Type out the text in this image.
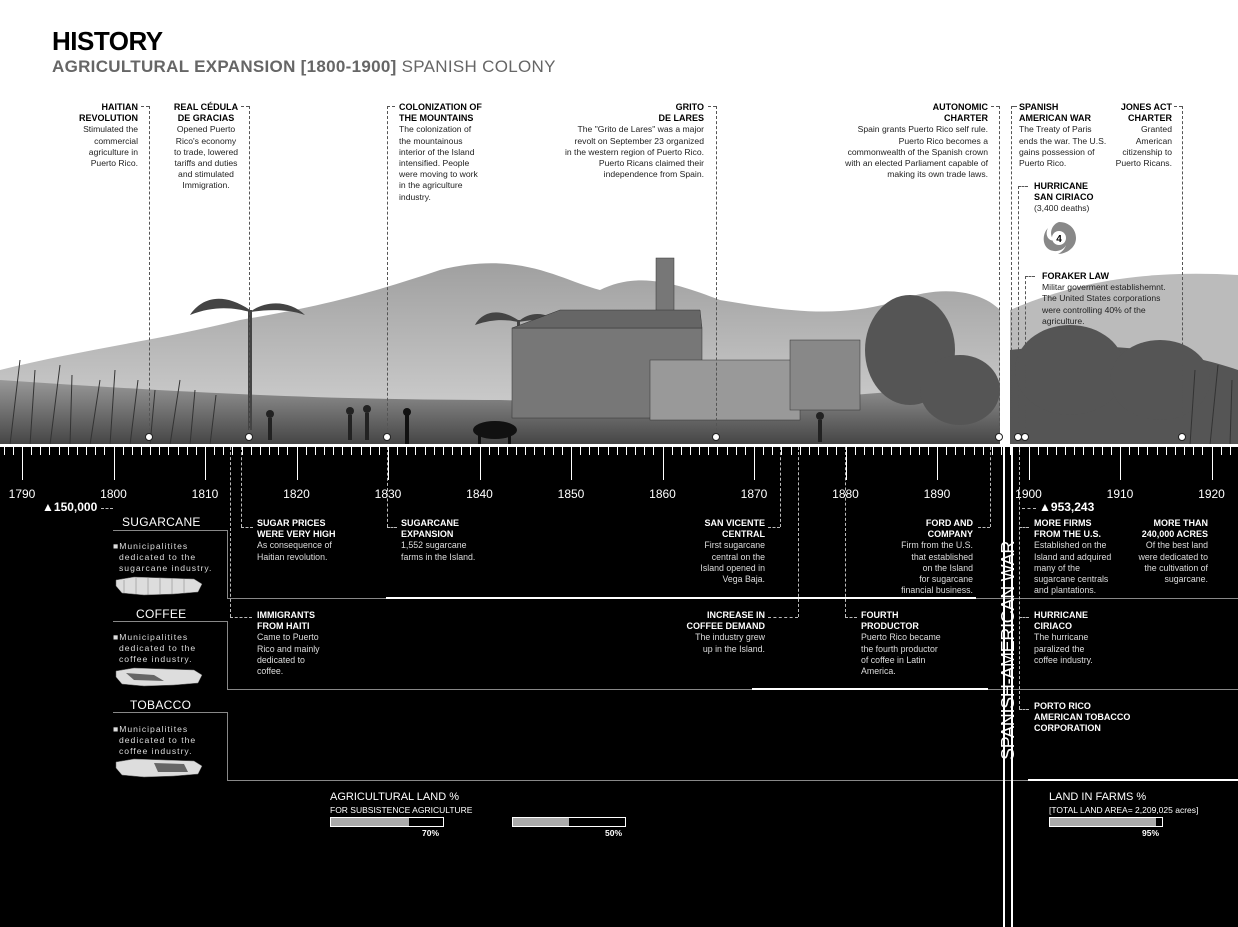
HISTORY
AGRICULTURAL EXPANSION [1800-1900] SPANISH COLONY
HAITIAN
REVOLUTION
Stimulated the
commercial
agriculture in
Puerto Rico.
REAL CÉDULA
DE GRACIAS
Opened Puerto
Rico's economy
to trade, lowered
tariffs and duties
and stimulated
Immigration.
COLONIZATION OF
THE MOUNTAINS
The colonization of
the mountainous
interior of the Island
intensified. People
were moving to work
in the agriculture
industry.
GRITO
DE LARES
The "Grito de Lares" was a major
revolt on September 23 organized
in the western region of Puerto Rico.
Puerto Ricans claimed their
independence from Spain.
AUTONOMIC
CHARTER
Spain grants Puerto Rico self rule.
Puerto Rico becomes a
commonwealth of the Spanish crown
with an elected Parliament capable of
making its own trade laws.
SPANISH
AMERICAN WAR
The Treaty of Paris
ends the war. The U.S.
gains possession of
Puerto Rico.
JONES ACT
CHARTER
Granted
American
citizenship to
Puerto Ricans.
HURRICANE
SAN CIRIACO
(3,400 deaths)
4
FORAKER LAW
Militar goverment establishemnt.
The United States corporations
were controlling 40% of the
agriculture.
1790	1800	1810	1820	1830	1840	1850	1860	1870	1880	1890	1900	1910	1920
▲150,000	▲953,243
SUGARCANE
■Municipalitites
dedicated to the
sugarcane industry.
COFFEE
■Municipalitites
dedicated to the
coffee industry.
TOBACCO
■Municipalitites
dedicated to the
coffee industry.
SUGAR PRICES
WERE VERY HIGH
As consequence of
Haitian revolution.
SUGARCANE
EXPANSION
1,552 sugarcane
farms in the Island.
SAN VICENTE
CENTRAL
First sugarcane
central on the
Island opened in
Vega Baja.
FORD AND
COMPANY
Firm from the U.S.
that established
on the Island
for sugarcane
financial business.
MORE FIRMS
FROM THE U.S.
Established on the
Island and adquired
many of the
sugarcane centrals
and plantations.
MORE THAN
240,000 ACRES
Of the best land
were dedicated to
the cultivation of
sugarcane.
IMMIGRANTS
FROM HAITI
Came to Puerto
Rico and mainly
dedicated to
coffee.
INCREASE IN
COFFEE DEMAND
The industry grew
up in the Island.
FOURTH
PRODUCTOR
Puerto Rico became
the fourth productor
of coffee in Latin
America.
HURRICANE
CIRIACO
The hurricane
paralized the
coffee industry.
PORTO RICO
AMERICAN TOBACCO
CORPORATION
SPANISH-AMERICAN WAR
AGRICULTURAL LAND %
FOR SUBSISTENCE AGRICULTURE
70%	50%
LAND IN FARMS %
[TOTAL LAND AREA= 2,209,025 acres]
95%
